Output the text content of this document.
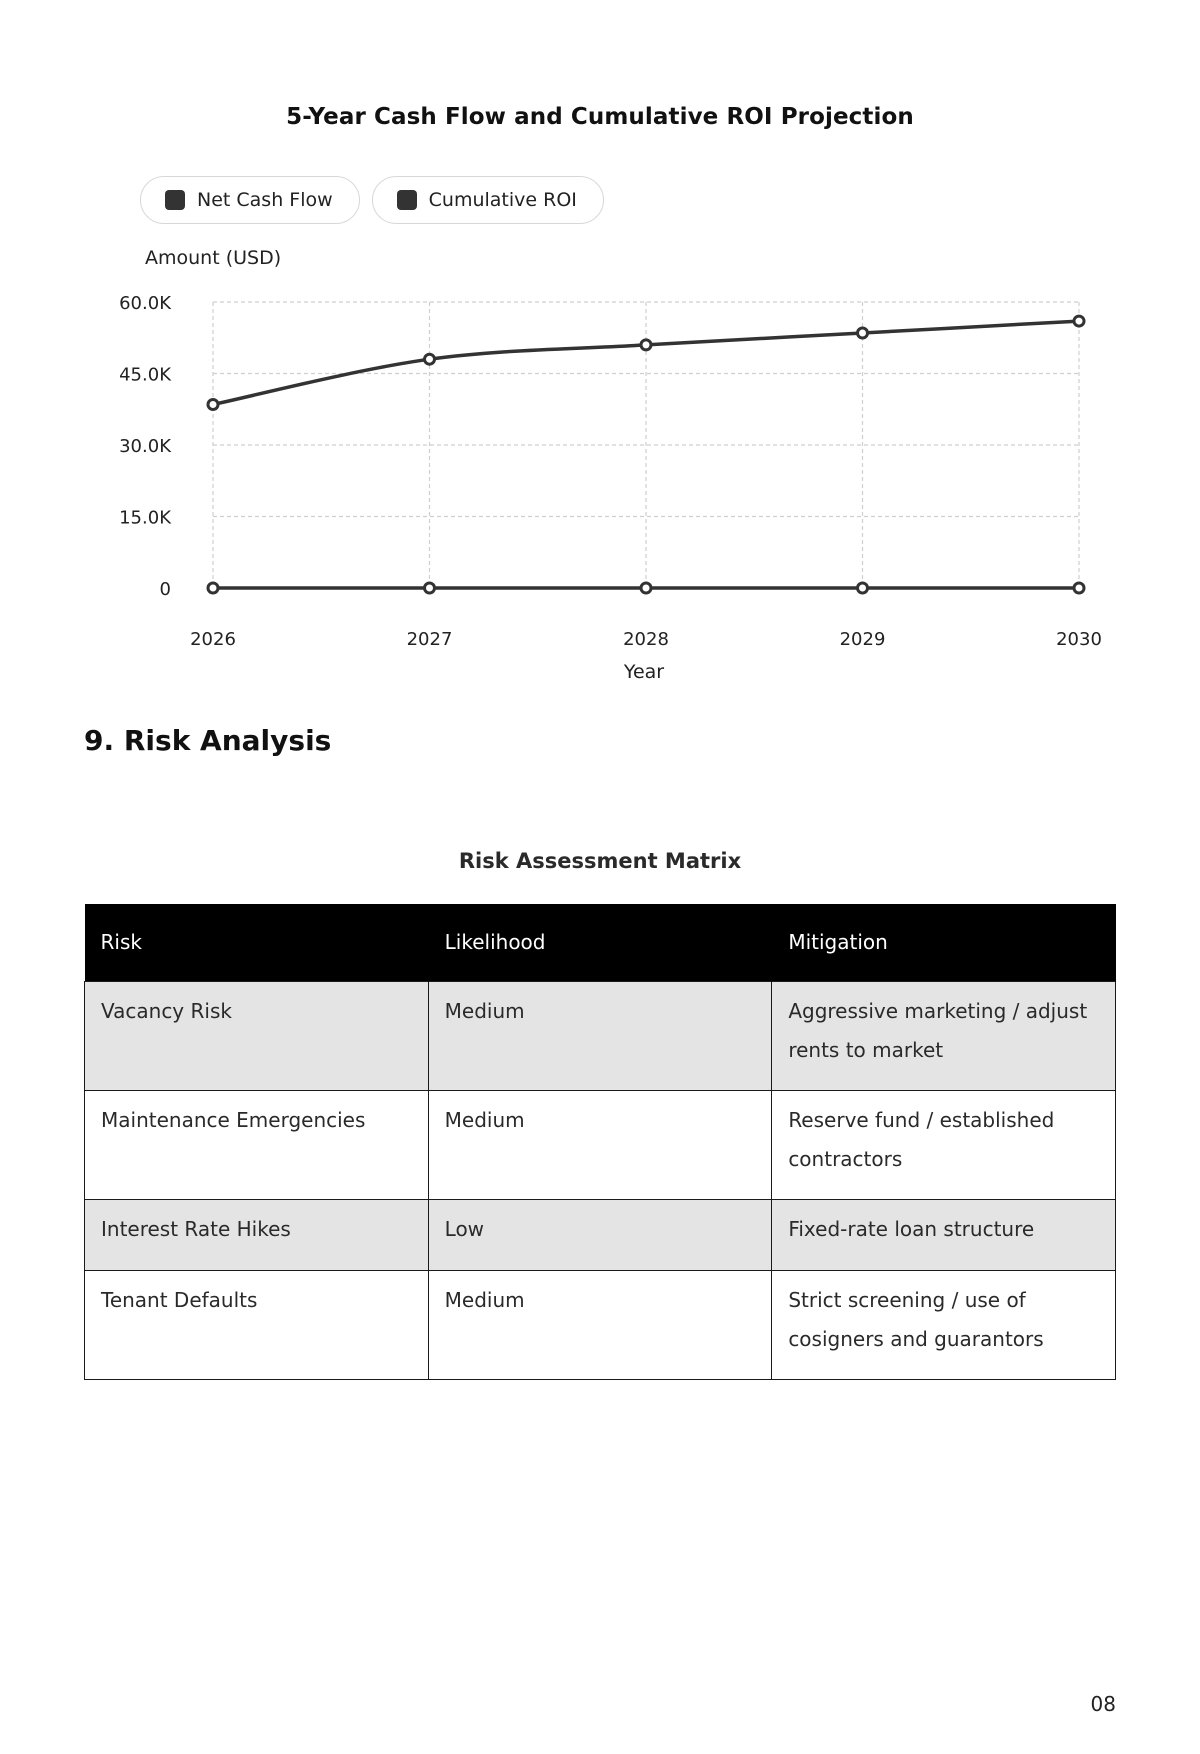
5-Year Cash Flow and Cumulative ROI Projection
Net Cash Flow	Cumulative ROI
Amount (USD)
0
15.0K
30.0K
45.0K
60.0K
2026	2027	2028	2029	2030
Year
9. Risk Analysis
Risk Assessment Matrix
Risk	Likelihood	Mitigation

Vacancy Risk	Medium	Aggressive marketing / adjust rents to market

Maintenance Emergencies	Medium	Reserve fund / established contractors

Interest Rate Hikes	Low	Fixed-rate loan structure

Tenant Defaults	Medium	Strict screening / use of cosigners and guarantors
08
